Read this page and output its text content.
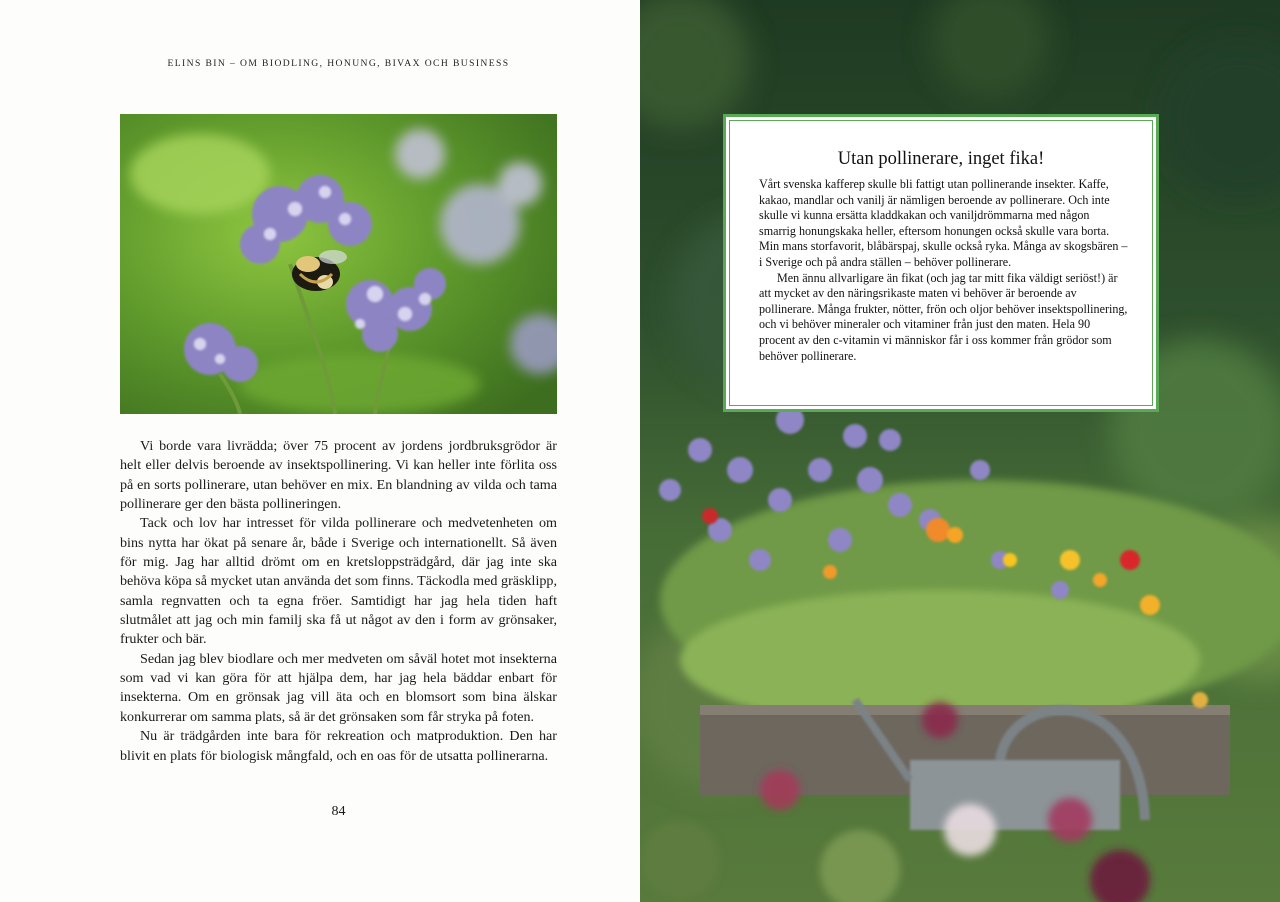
ELINS BIN – OM BIODLING, HONUNG, BIVAX OCH BUSINESS

Vi borde vara livrädda; över 75 procent av jordens jordbruksgrödor är helt eller delvis beroende av insektspollinering. Vi kan heller inte förlita oss på en sorts pollinerare, utan behöver en mix. En blandning av vilda och tama pollinerare ger den bästa pollineringen.

Tack och lov har intresset för vilda pollinerare och medvetenheten om bins nytta har ökat på senare år, både i Sverige och internationellt. Så även för mig. Jag har alltid drömt om en kretsloppsträdgård, där jag inte ska behöva köpa så mycket utan använda det som finns. Täckodla med gräsklipp, samla regnvatten och ta egna fröer. Samtidigt har jag hela tiden haft slutmålet att jag och min familj ska få ut något av den i form av grönsaker, frukter och bär.

Sedan jag blev biodlare och mer medveten om såväl hotet mot insekterna som vad vi kan göra för att hjälpa dem, har jag hela bäddar enbart för insekterna. Om en grönsak jag vill äta och en blomsort som bina älskar konkurrerar om samma plats, så är det grönsaken som får stryka på foten.

Nu är trädgården inte bara för rekreation och matproduktion. Den har blivit en plats för biologisk mångfald, och en oas för de utsatta pollinerarna.

84
Utan pollinerare, inget fika!

Vårt svenska kafferep skulle bli fattigt utan pollinerande insekter. Kaffe, kakao, mandlar och vanilj är nämligen beroende av pollinerare. Och inte skulle vi kunna ersätta kladdkakan och vaniljdrömmarna med någon smarrig honungskaka heller, eftersom honungen också skulle vara borta. Min mans storfavorit, blåbärspaj, skulle också ryka. Många av skogsbären – i Sverige och på andra ställen – behöver pollinerare.

Men ännu allvarligare än fikat (och jag tar mitt fika väldigt seriöst!) är att mycket av den näringsrikaste maten vi behöver är beroende av pollinerare. Många frukter, nötter, frön och oljor behöver insektspollinering, och vi behöver mineraler och vitaminer från just den maten. Hela 90 procent av den c-vitamin vi människor får i oss kommer från grödor som behöver pollinerare.
